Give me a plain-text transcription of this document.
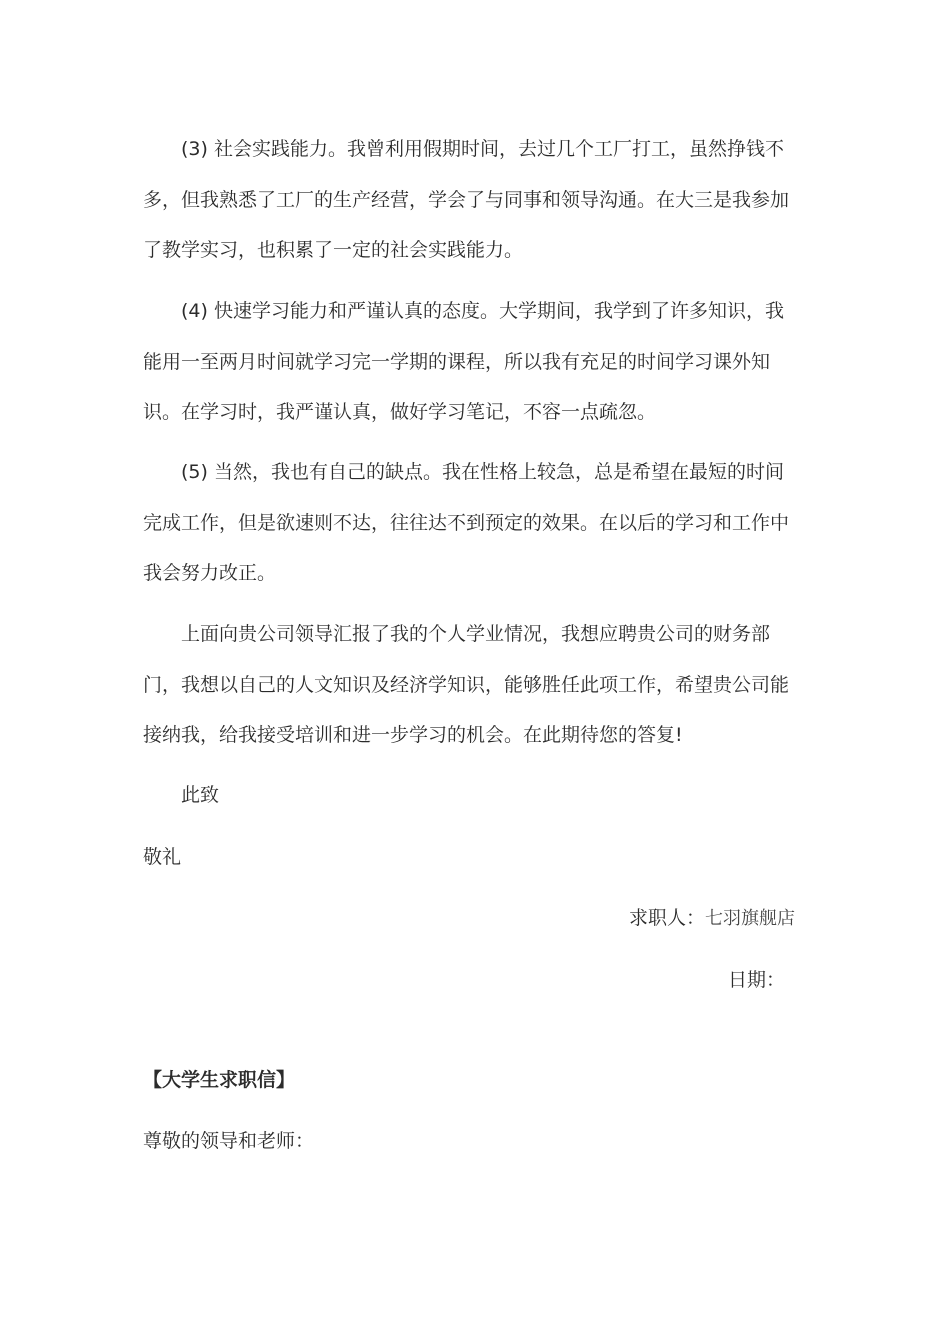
(3) 社会实践能力。我曾利用假期时间，去过几个工厂打工，虽然挣钱不多，但我熟悉了工厂的生产经营，学会了与同事和领导沟通。在大三是我参加了教学实习，也积累了一定的社会实践能力。

(4) 快速学习能力和严谨认真的态度。大学期间，我学到了许多知识，我能用一至两月时间就学习完一学期的课程，所以我有充足的时间学习课外知识。在学习时，我严谨认真，做好学习笔记，不容一点疏忽。

(5) 当然，我也有自己的缺点。我在性格上较急，总是希望在最短的时间完成工作，但是欲速则不达，往往达不到预定的效果。在以后的学习和工作中我会努力改正。

上面向贵公司领导汇报了我的个人学业情况，我想应聘贵公司的财务部门，我想以自己的人文知识及经济学知识，能够胜任此项工作，希望贵公司能接纳我，给我接受培训和进一步学习的机会。在此期待您的答复!

此致

敬礼

求职人：七羽旗舰店

日期：

【大学生求职信】

尊敬的领导和老师：
